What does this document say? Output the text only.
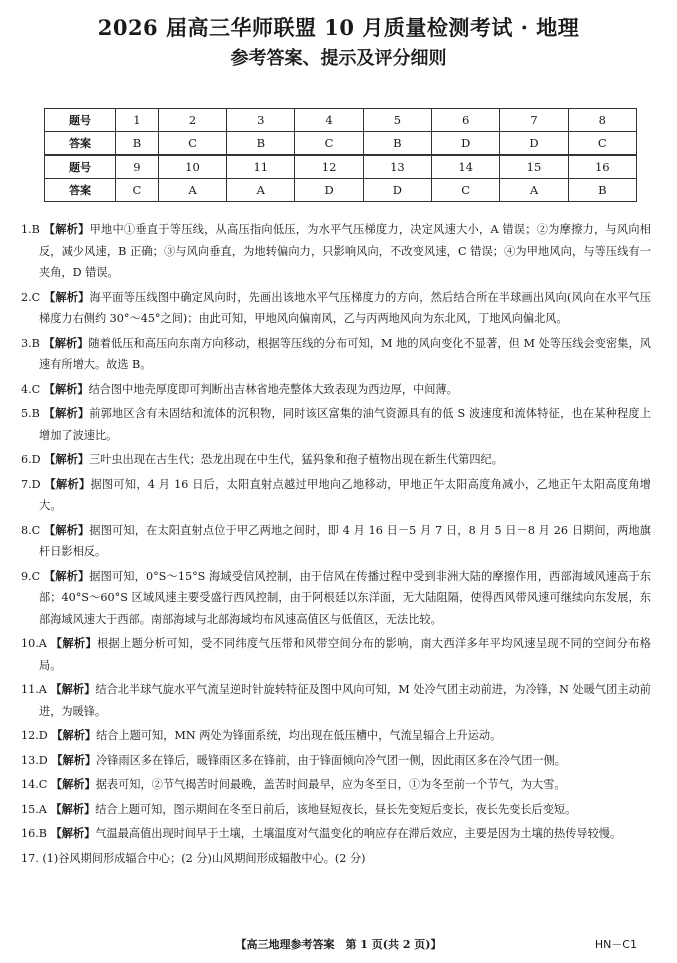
2026 届高三华师联盟 10 月质量检测考试 · 地理
参考答案、提示及评分细则
题号	1	2	3	4	5	6	7	8
答案	B	C	B	C	B	D	D	C
题号	9	10	11	12	13	14	15	16
答案	C	A	A	D	D	C	A	B

1.B 【解析】甲地中①垂直于等压线，从高压指向低压，为水平气压梯度力，决定风速大小，A 错误；②为摩擦力，与风向相反，减少风速，B 正确；③与风向垂直，为地转偏向力，只影响风向，不改变风速，C 错误；④为甲地风向，与等压线有一夹角，D 错误。

2.C 【解析】海平面等压线图中确定风向时，先画出该地水平气压梯度力的方向，然后结合所在半球画出风向(风向在水平气压梯度力右侧约 30°～45°之间)；由此可知，甲地风向偏南风，乙与丙两地风向为东北风，丁地风向偏北风。

3.B 【解析】随着低压和高压向东南方向移动，根据等压线的分布可知，M 地的风向变化不显著，但 M 处等压线会变密集，风速有所增大。故选 B。

4.C 【解析】结合图中地壳厚度即可判断出吉林省地壳整体大致表现为西边厚，中间薄。

5.B 【解析】前郭地区含有未固结和流体的沉积物，同时该区富集的油气资源具有的低 S 波速度和流体特征，也在某种程度上增加了波速比。

6.D 【解析】三叶虫出现在古生代；恐龙出现在中生代，猛犸象和孢子植物出现在新生代第四纪。

7.D 【解析】据图可知，4 月 16 日后，太阳直射点越过甲地向乙地移动，甲地正午太阳高度角减小，乙地正午太阳高度角增大。

8.C 【解析】据图可知，在太阳直射点位于甲乙两地之间时，即 4 月 16 日－5 月 7 日，8 月 5 日－8 月 26 日期间，两地旗杆日影相反。

9.C 【解析】据图可知，0°S～15°S 海域受信风控制，由于信风在传播过程中受到非洲大陆的摩擦作用，西部海域风速高于东部；40°S～60°S 区域风速主要受盛行西风控制，由于阿根廷以东洋面，无大陆阻隔，使得西风带风速可继续向东发展，东部海域风速大于西部。南部海域与北部海域均布风速高值区与低值区，无法比较。

10.A 【解析】根据上题分析可知，受不同纬度气压带和风带空间分布的影响，南大西洋多年平均风速呈现不同的空间分布格局。

11.A 【解析】结合北半球气旋水平气流呈逆时针旋转特征及图中风向可知，M 处冷气团主动前进，为冷锋，N 处暖气团主动前进，为暖锋。

12.D 【解析】结合上题可知，MN 两处为锋面系统，均出现在低压槽中，气流呈辐合上升运动。

13.D 【解析】冷锋雨区多在锋后，暖锋雨区多在锋前，由于锋面倾向冷气团一侧，因此雨区多在冷气团一侧。

14.C 【解析】据表可知，②节气揭苦时间最晚，盖苦时间最早，应为冬至日，①为冬至前一个节气，为大雪。

15.A 【解析】结合上题可知，图示期间在冬至日前后，该地昼短夜长，昼长先变短后变长，夜长先变长后变短。

16.B 【解析】气温最高值出现时间早于土壤，土壤温度对气温变化的响应存在滞后效应，主要是因为土壤的热传导较慢。

17. (1)谷风期间形成辐合中心；(2 分)山风期间形成辐散中心。(2 分)

【高三地理参考答案　第 1 页(共 2 页)】	HN－C1
